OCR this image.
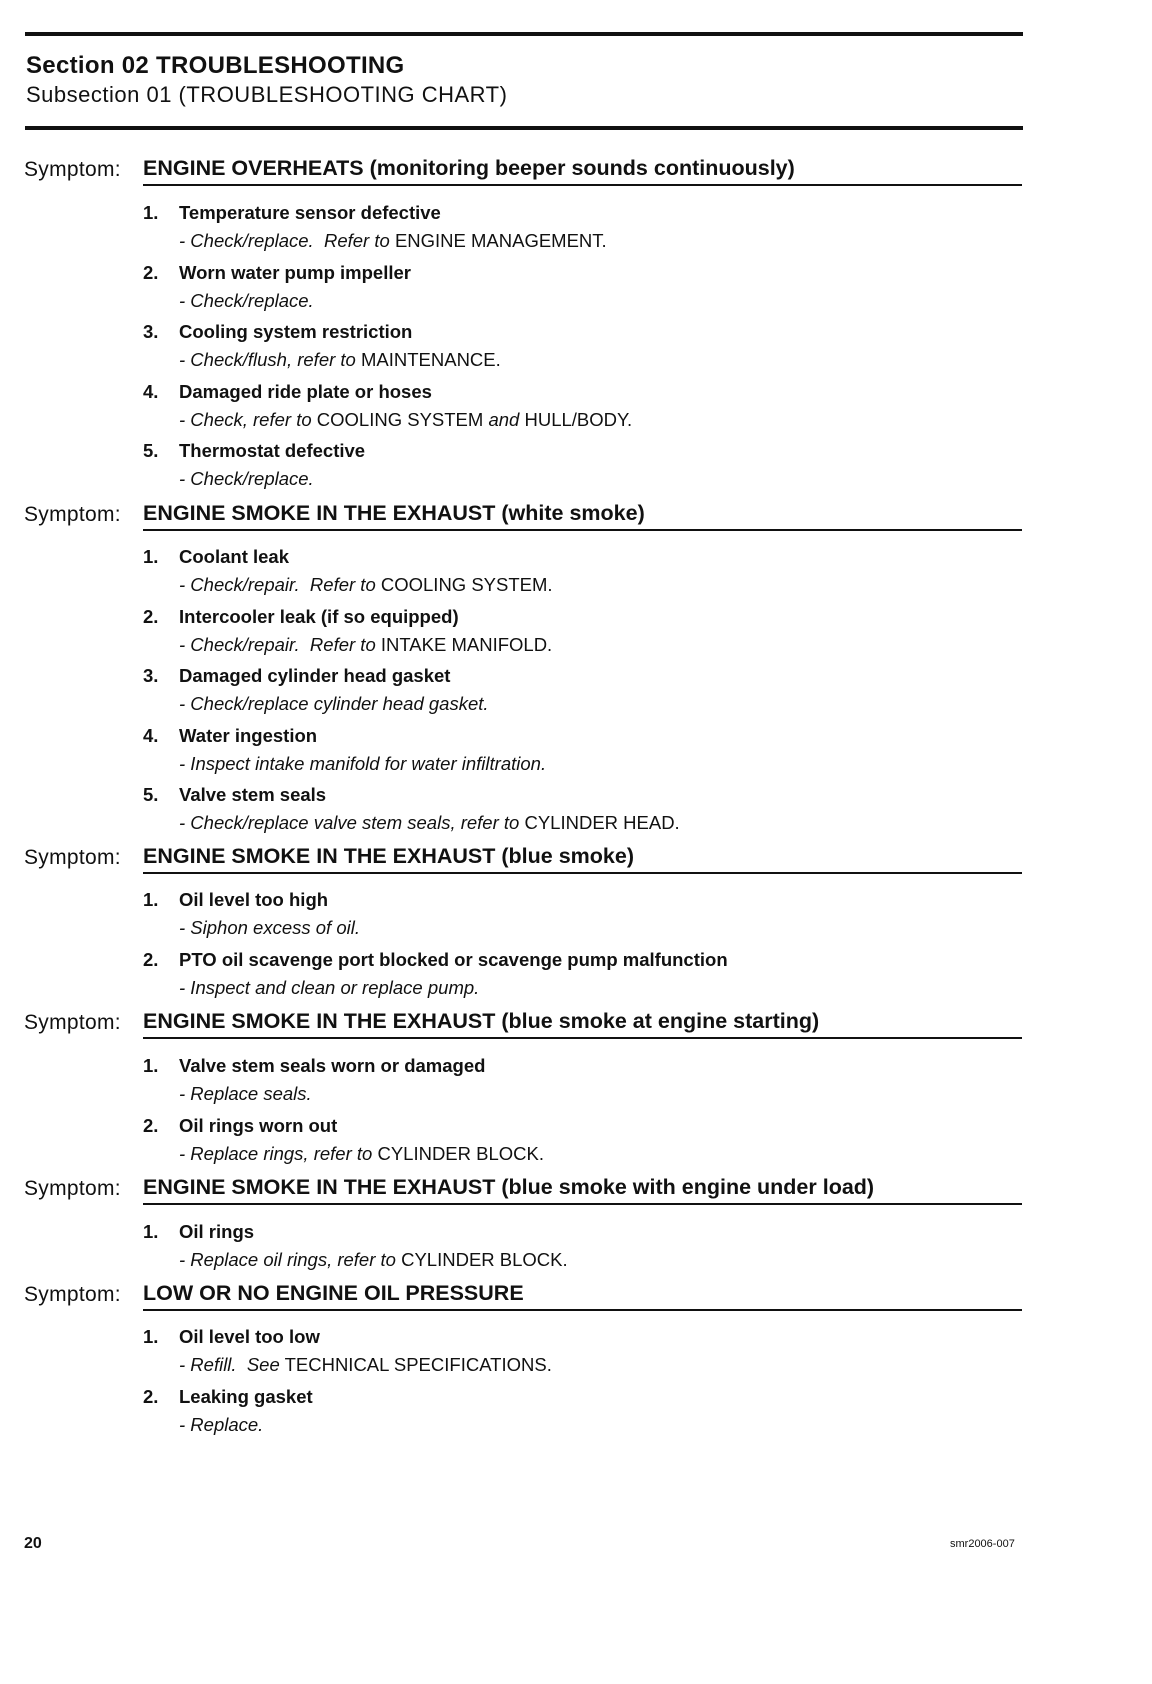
Section 02 TROUBLESHOOTING
Subsection 01 (TROUBLESHOOTING CHART)
Symptom: ENGINE OVERHEATS (monitoring beeper sounds continuously)
1. Temperature sensor defective
- Check/replace. Refer to ENGINE MANAGEMENT.
2. Worn water pump impeller
- Check/replace.
3. Cooling system restriction
- Check/flush, refer to MAINTENANCE.
4. Damaged ride plate or hoses
- Check, refer to COOLING SYSTEM and HULL/BODY.
5. Thermostat defective
- Check/replace.
Symptom: ENGINE SMOKE IN THE EXHAUST (white smoke)
1. Coolant leak
- Check/repair. Refer to COOLING SYSTEM.
2. Intercooler leak (if so equipped)
- Check/repair. Refer to INTAKE MANIFOLD.
3. Damaged cylinder head gasket
- Check/replace cylinder head gasket.
4. Water ingestion
- Inspect intake manifold for water infiltration.
5. Valve stem seals
- Check/replace valve stem seals, refer to CYLINDER HEAD.
Symptom: ENGINE SMOKE IN THE EXHAUST (blue smoke)
1. Oil level too high
- Siphon excess of oil.
2. PTO oil scavenge port blocked or scavenge pump malfunction
- Inspect and clean or replace pump.
Symptom: ENGINE SMOKE IN THE EXHAUST (blue smoke at engine starting)
1. Valve stem seals worn or damaged
- Replace seals.
2. Oil rings worn out
- Replace rings, refer to CYLINDER BLOCK.
Symptom: ENGINE SMOKE IN THE EXHAUST (blue smoke with engine under load)
1. Oil rings
- Replace oil rings, refer to CYLINDER BLOCK.
Symptom: LOW OR NO ENGINE OIL PRESSURE
1. Oil level too low
- Refill. See TECHNICAL SPECIFICATIONS.
2. Leaking gasket
- Replace.
20	smr2006-007
